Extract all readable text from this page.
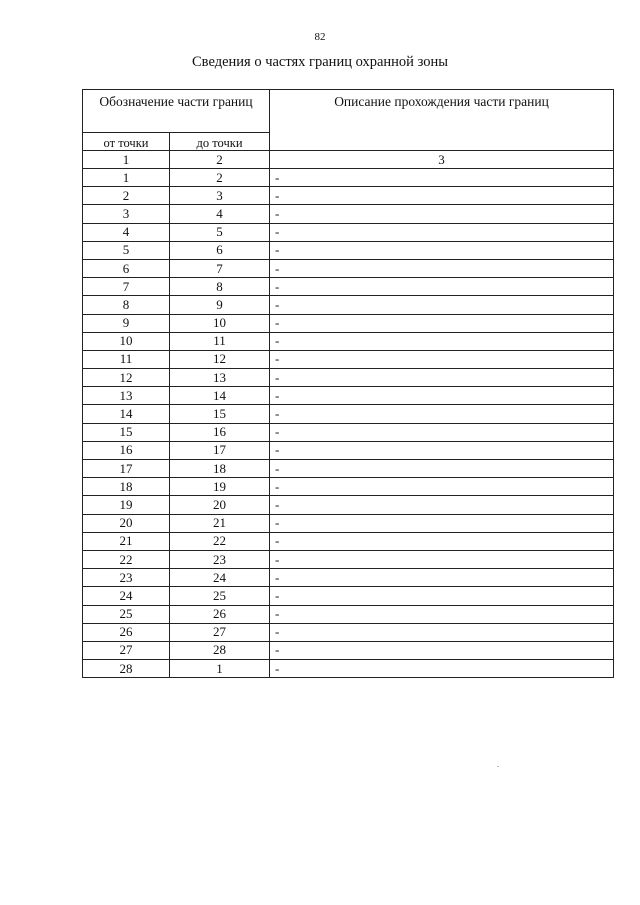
82
Сведения о частях границ охранной зоны
Обозначение части границ		Описание прохождения части границ
от точки	до точки	
1	2	3
1	2	-
2	3	-
3	4	-
4	5	-
5	6	-
6	7	-
7	8	-
8	9	-
9	10	-
10	11	-
11	12	-
12	13	-
13	14	-
14	15	-
15	16	-
16	17	-
17	18	-
18	19	-
19	20	-
20	21	-
21	22	-
22	23	-
23	24	-
24	25	-
25	26	-
26	27	-
27	28	-
28	1	-
